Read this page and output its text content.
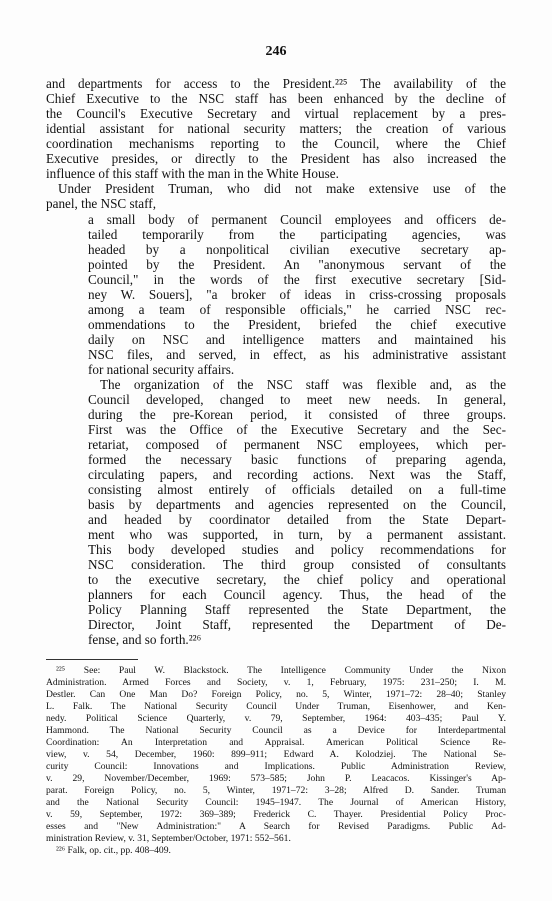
246
and departments for access to the President.²²⁵ The availability of the
Chief Executive to the NSC staff has been enhanced by the decline of
the Council's Executive Secretary and virtual replacement by a pres-
idential assistant for national security matters; the creation of various
coordination mechanisms reporting to the Council, where the Chief
Executive presides, or directly to the President has also increased the
influence of this staff with the man in the White House.
Under President Truman, who did not make extensive use of the
panel, the NSC staff,
a small body of permanent Council employees and officers de-
tailed temporarily from the participating agencies, was
headed by a nonpolitical civilian executive secretary ap-
pointed by the President. An "anonymous servant of the
Council," in the words of the first executive secretary [Sid-
ney W. Souers], "a broker of ideas in criss-crossing proposals
among a team of responsible officials," he carried NSC rec-
ommendations to the President, briefed the chief executive
daily on NSC and intelligence matters and maintained his
NSC files, and served, in effect, as his administrative assistant
for national security affairs.
The organization of the NSC staff was flexible and, as the
Council developed, changed to meet new needs. In general,
during the pre-Korean period, it consisted of three groups.
First was the Office of the Executive Secretary and the Sec-
retariat, composed of permanent NSC employees, which per-
formed the necessary basic functions of preparing agenda,
circulating papers, and recording actions. Next was the Staff,
consisting almost entirely of officials detailed on a full-time
basis by departments and agencies represented on the Council,
and headed by coordinator detailed from the State Depart-
ment who was supported, in turn, by a permanent assistant.
This body developed studies and policy recommendations for
NSC consideration. The third group consisted of consultants
to the executive secretary, the chief policy and operational
planners for each Council agency. Thus, the head of the
Policy Planning Staff represented the State Department, the
Director, Joint Staff, represented the Department of De-
fense, and so forth.²²⁶
²²⁵ See: Paul W. Blackstock. The Intelligence Community Under the Nixon
Administration. Armed Forces and Society, v. 1, February, 1975: 231–250; I. M.
Destler. Can One Man Do? Foreign Policy, no. 5, Winter, 1971–72: 28–40; Stanley
L. Falk. The National Security Council Under Truman, Eisenhower, and Ken-
nedy. Political Science Quarterly, v. 79, September, 1964: 403–435; Paul Y.
Hammond. The National Security Council as a Device for Interdepartmental
Coordination: An Interpretation and Appraisal. American Political Science Re-
view, v. 54, December, 1960: 899–911; Edward A. Kolodziej. The National Se-
curity Council: Innovations and Implications. Public Administration Review,
v. 29, November/December, 1969: 573–585; John P. Leacacos. Kissinger's Ap-
parat. Foreign Policy, no. 5, Winter, 1971–72: 3–28; Alfred D. Sander. Truman
and the National Security Council: 1945–1947. The Journal of American History,
v. 59, September, 1972: 369–389; Frederick C. Thayer. Presidential Policy Proc-
esses and "New Administration:" A Search for Revised Paradigms. Public Ad-
ministration Review, v. 31, September/October, 1971: 552–561.
²²⁶ Falk, op. cit., pp. 408–409.
